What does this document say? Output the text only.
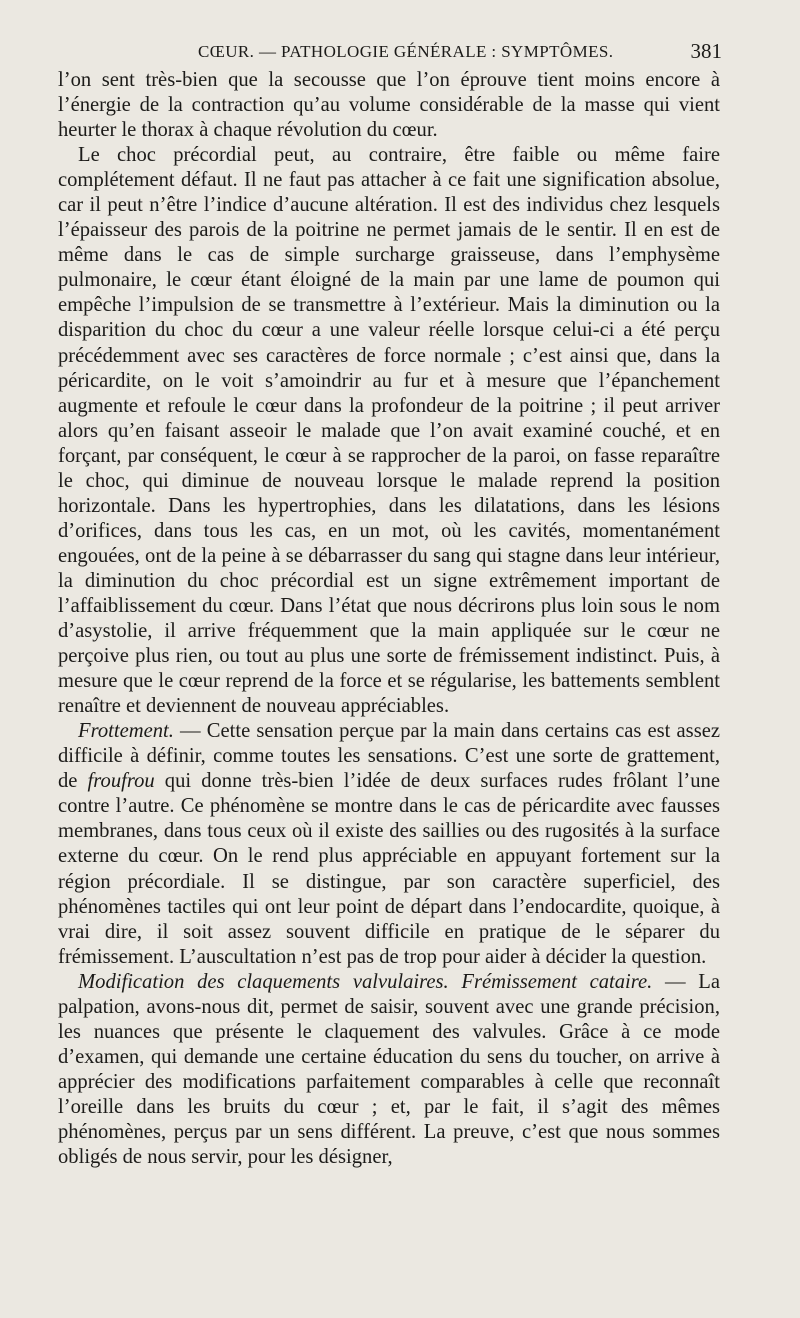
CŒUR. — PATHOLOGIE GÉNÉRALE : SYMPTÔMES.	381

l’on sent très-bien que la secousse que l’on éprouve tient moins encore à l’énergie de la contraction qu’au volume considérable de la masse qui vient heurter le thorax à chaque révolution du cœur.

Le choc précordial peut, au contraire, être faible ou même faire complétement défaut. Il ne faut pas attacher à ce fait une signification absolue, car il peut n’être l’indice d’aucune altération. Il est des individus chez lesquels l’épaisseur des parois de la poitrine ne permet jamais de le sentir. Il en est de même dans le cas de simple surcharge graisseuse, dans l’emphysème pulmonaire, le cœur étant éloigné de la main par une lame de poumon qui empêche l’impulsion de se transmettre à l’extérieur. Mais la diminution ou la disparition du choc du cœur a une valeur réelle lorsque celui-ci a été perçu précédemment avec ses caractères de force normale ; c’est ainsi que, dans la péricardite, on le voit s’amoindrir au fur et à mesure que l’épanchement augmente et refoule le cœur dans la profondeur de la poitrine ; il peut arriver alors qu’en faisant asseoir le malade que l’on avait examiné couché, et en forçant, par conséquent, le cœur à se rapprocher de la paroi, on fasse reparaître le choc, qui diminue de nouveau lorsque le malade reprend la position horizontale. Dans les hypertrophies, dans les dilatations, dans les lésions d’orifices, dans tous les cas, en un mot, où les cavités, momentanément engouées, ont de la peine à se débarrasser du sang qui stagne dans leur intérieur, la diminution du choc précordial est un signe extrêmement important de l’affaiblissement du cœur. Dans l’état que nous décrirons plus loin sous le nom d’asystolie, il arrive fréquemment que la main appliquée sur le cœur ne perçoive plus rien, ou tout au plus une sorte de frémissement indistinct. Puis, à mesure que le cœur reprend de la force et se régularise, les battements semblent renaître et deviennent de nouveau appréciables.

Frottement. — Cette sensation perçue par la main dans certains cas est assez difficile à définir, comme toutes les sensations. C’est une sorte de grattement, de froufrou qui donne très-bien l’idée de deux surfaces rudes frôlant l’une contre l’autre. Ce phénomène se montre dans le cas de péricardite avec fausses membranes, dans tous ceux où il existe des saillies ou des rugosités à la surface externe du cœur. On le rend plus appréciable en appuyant fortement sur la région précordiale. Il se distingue, par son caractère superficiel, des phénomènes tactiles qui ont leur point de départ dans l’endocardite, quoique, à vrai dire, il soit assez souvent difficile en pratique de le séparer du frémissement. L’auscultation n’est pas de trop pour aider à décider la question.

Modification des claquements valvulaires. Frémissement cataire. — La palpation, avons-nous dit, permet de saisir, souvent avec une grande précision, les nuances que présente le claquement des valvules. Grâce à ce mode d’examen, qui demande une certaine éducation du sens du toucher, on arrive à apprécier des modifications parfaitement comparables à celle que reconnaît l’oreille dans les bruits du cœur ; et, par le fait, il s’agit des mêmes phénomènes, perçus par un sens différent. La preuve, c’est que nous sommes obligés de nous servir, pour les désigner,
